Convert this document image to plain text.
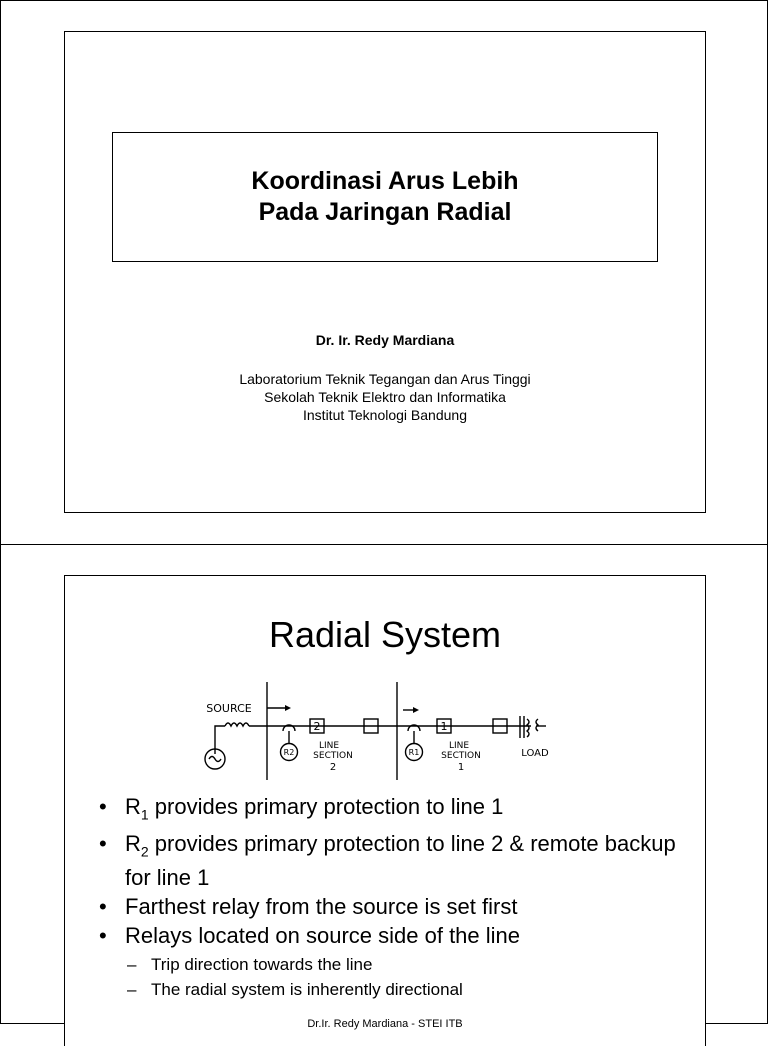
Koordinasi Arus Lebih
Pada Jaringan Radial
Dr. Ir. Redy Mardiana
Laboratorium Teknik Tegangan dan Arus Tinggi
Sekolah Teknik Elektro dan Informatika
Institut Teknologi Bandung
Radial System
SOURCE
R2	R1
2	1
LINE
SECTION
2
LINE
SECTION
1
LOAD
• $R_1$ provides primary protection to line 1
• $R_2$ provides primary protection to line 2 & remote backup for line 1
• Farthest relay from the source is set first
• Relays located on source side of the line
– Trip direction towards the line
– The radial system is inherently directional
Dr.Ir. Redy Mardiana - STEI ITB
